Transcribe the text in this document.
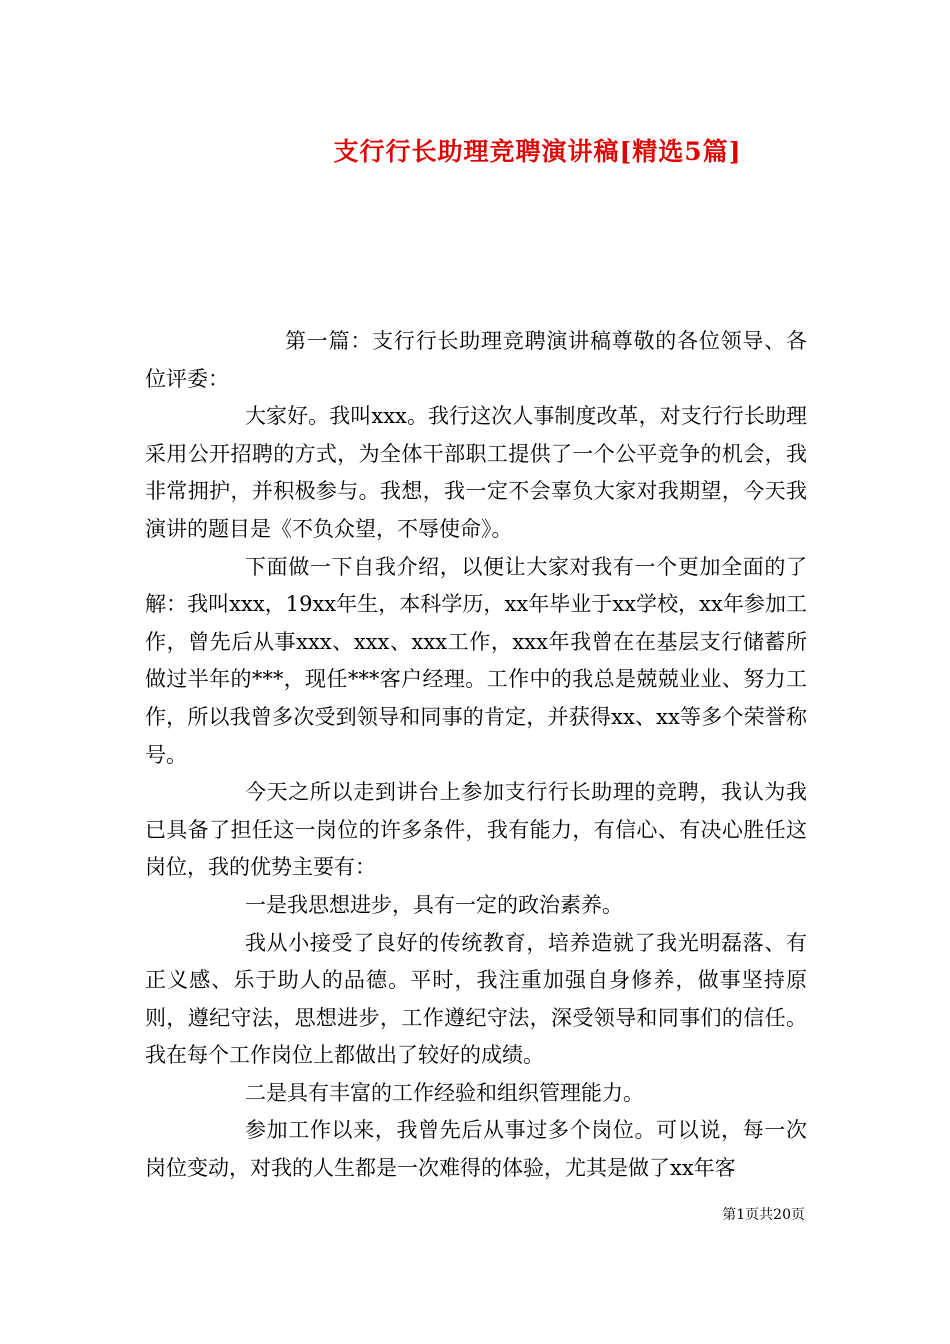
支行行长助理竞聘演讲稿[精选5篇]

第一篇：支行行长助理竞聘演讲稿尊敬的各位领导、各位评委：

大家好。我叫xxx。我行这次人事制度改革，对支行行长助理采用公开招聘的方式，为全体干部职工提供了一个公平竞争的机会，我非常拥护，并积极参与。我想，我一定不会辜负大家对我期望，今天我演讲的题目是《不负众望，不辱使命》。

下面做一下自我介绍，以便让大家对我有一个更加全面的了解：我叫xxx，19xx年生，本科学历，xx年毕业于xx学校，xx年参加工作，曾先后从事xxx、xxx、xxx工作，xxx年我曾在在基层支行储蓄所做过半年的***，现任***客户经理。工作中的我总是兢兢业业、努力工作，所以我曾多次受到领导和同事的肯定，并获得xx、xx等多个荣誉称号。

今天之所以走到讲台上参加支行行长助理的竞聘，我认为我已具备了担任这一岗位的许多条件，我有能力，有信心、有决心胜任这岗位，我的优势主要有：

一是我思想进步，具有一定的政治素养。

我从小接受了良好的传统教育，培养造就了我光明磊落、有正义感、乐于助人的品德。平时，我注重加强自身修养，做事坚持原则，遵纪守法，思想进步，工作遵纪守法，深受领导和同事们的信任。我在每个工作岗位上都做出了较好的成绩。

二是具有丰富的工作经验和组织管理能力。

参加工作以来，我曾先后从事过多个岗位。可以说，每一次岗位变动，对我的人生都是一次难得的体验，尤其是做了xx年客

第1页共20页
